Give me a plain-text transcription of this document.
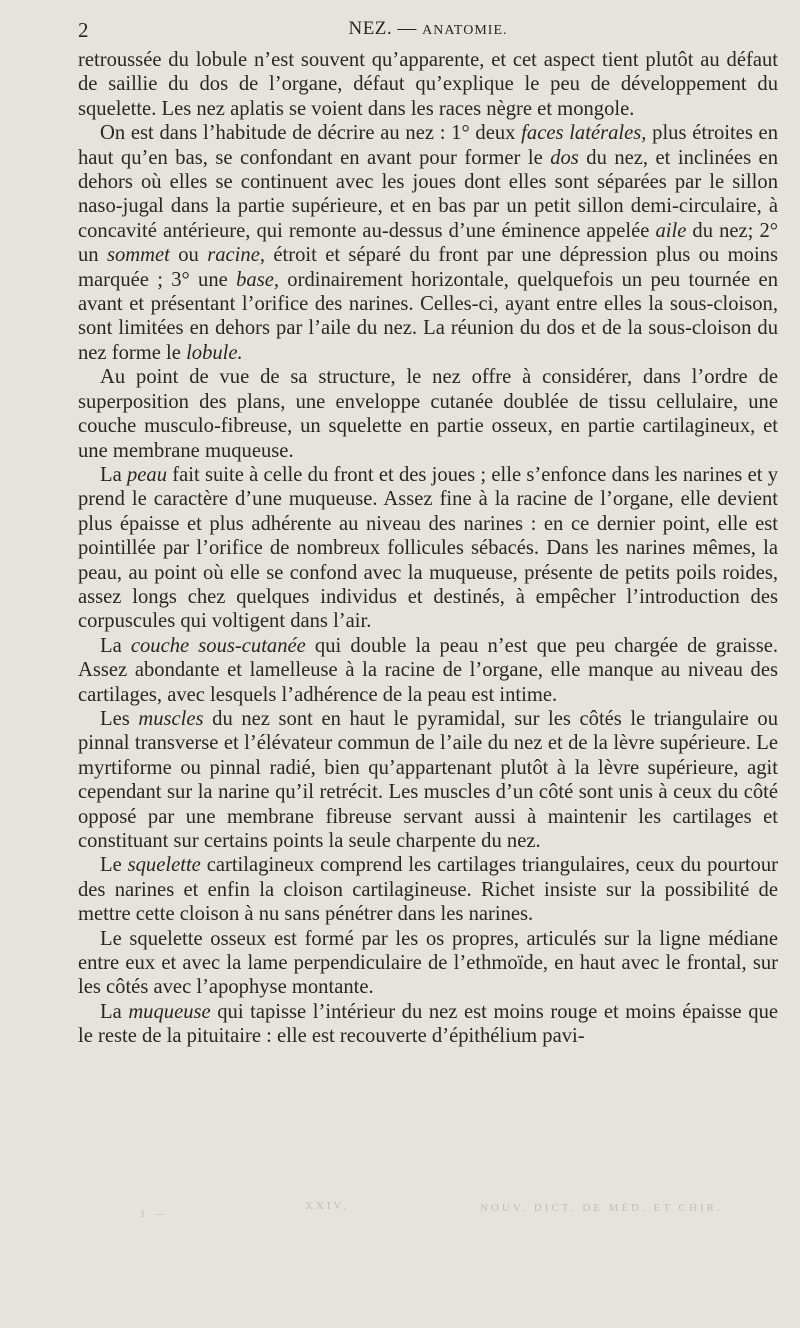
2	NEZ. — ANATOMIE.

retroussée du lobule n’est souvent qu’apparente, et cet aspect tient plutôt au défaut de saillie du dos de l’organe, défaut qu’explique le peu de développement du squelette. Les nez aplatis se voient dans les races nègre et mongole.

On est dans l’habitude de décrire au nez : 1° deux faces latérales, plus étroites en haut qu’en bas, se confondant en avant pour former le dos du nez, et inclinées en dehors où elles se continuent avec les joues dont elles sont séparées par le sillon naso-jugal dans la partie supérieure, et en bas par un petit sillon demi-circulaire, à concavité antérieure, qui remonte au-dessus d’une éminence appelée aile du nez; 2° un sommet ou racine, étroit et séparé du front par une dépression plus ou moins marquée ; 3° une base, ordinairement horizontale, quelquefois un peu tournée en avant et présentant l’orifice des narines. Celles-ci, ayant entre elles la sous-cloison, sont limitées en dehors par l’aile du nez. La réunion du dos et de la sous-cloison du nez forme le lobule.

Au point de vue de sa structure, le nez offre à considérer, dans l’ordre de superposition des plans, une enveloppe cutanée doublée de tissu cellulaire, une couche musculo-fibreuse, un squelette en partie osseux, en partie cartilagineux, et une membrane muqueuse.

La peau fait suite à celle du front et des joues ; elle s’enfonce dans les narines et y prend le caractère d’une muqueuse. Assez fine à la racine de l’organe, elle devient plus épaisse et plus adhérente au niveau des narines : en ce dernier point, elle est pointillée par l’orifice de nombreux follicules sébacés. Dans les narines mêmes, la peau, au point où elle se confond avec la muqueuse, présente de petits poils roides, assez longs chez quelques individus et destinés, à empêcher l’introduction des corpuscules qui voltigent dans l’air.

La couche sous-cutanée qui double la peau n’est que peu chargée de graisse. Assez abondante et lamelleuse à la racine de l’organe, elle manque au niveau des cartilages, avec lesquels l’adhérence de la peau est intime.

Les muscles du nez sont en haut le pyramidal, sur les côtés le triangulaire ou pinnal transverse et l’élévateur commun de l’aile du nez et de la lèvre supérieure. Le myrtiforme ou pinnal radié, bien qu’appartenant plutôt à la lèvre supérieure, agit cependant sur la narine qu’il retrécit. Les muscles d’un côté sont unis à ceux du côté opposé par une membrane fibreuse servant aussi à maintenir les cartilages et constituant sur certains points la seule charpente du nez.

Le squelette cartilagineux comprend les cartilages triangulaires, ceux du pourtour des narines et enfin la cloison cartilagineuse. Richet insiste sur la possibilité de mettre cette cloison à nu sans pénétrer dans les narines.

Le squelette osseux est formé par les os propres, articulés sur la ligne médiane entre eux et avec la lame perpendiculaire de l’ethmoïde, en haut avec le frontal, sur les côtés avec l’apophyse montante.

La muqueuse qui tapisse l’intérieur du nez est moins rouge et moins épaisse que le reste de la pituitaire : elle est recouverte d’épithélium pavi-

1 —
XXIV.	NOUV. DICT. DE MÉD. ET CHIR.
